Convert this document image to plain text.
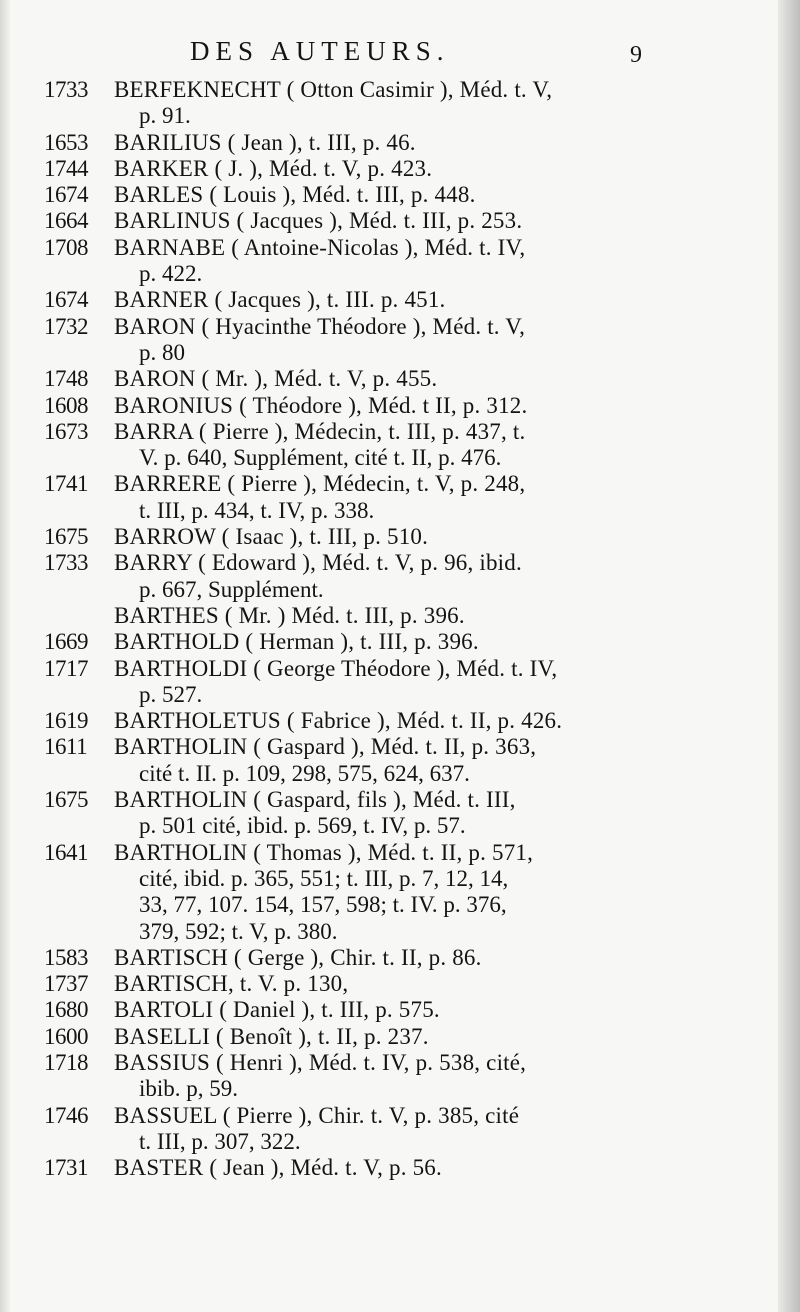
DES AUTEURS.	9
1733 BERFEKNECHT ( Otton Casimir ), Méd. t. V,
p. 91.
1653 BARILIUS ( Jean ), t. III, p. 46.
1744 BARKER ( J. ), Méd. t. V, p. 423.
1674 BARLES ( Louis ), Méd. t. III, p. 448.
1664 BARLINUS ( Jacques ), Méd. t. III, p. 253.
1708 BARNABE ( Antoine-Nicolas ), Méd. t. IV,
p. 422.
1674 BARNER ( Jacques ), t. III. p. 451.
1732 BARON ( Hyacinthe Théodore ), Méd. t. V,
p. 80
1748 BARON ( Mr. ), Méd. t. V, p. 455.
1608 BARONIUS ( Théodore ), Méd. t II, p. 312.
1673 BARRA ( Pierre ), Médecin, t. III, p. 437, t.
V. p. 640, Supplément, cité t. II, p. 476.
1741 BARRERE ( Pierre ), Médecin, t. V, p. 248,
t. III, p. 434, t. IV, p. 338.
1675 BARROW ( Isaac ), t. III, p. 510.
1733 BARRY ( Edoward ), Méd. t. V, p. 96, ibid.
p. 667, Supplément.
BARTHES ( Mr. ) Méd. t. III, p. 396.
1669 BARTHOLD ( Herman ), t. III, p. 396.
1717 BARTHOLDI ( George Théodore ), Méd. t. IV,
p. 527.
1619 BARTHOLETUS ( Fabrice ), Méd. t. II, p. 426.
1611 BARTHOLIN ( Gaspard ), Méd. t. II, p. 363,
cité t. II. p. 109, 298, 575, 624, 637.
1675 BARTHOLIN ( Gaspard, fils ), Méd. t. III,
p. 501 cité, ibid. p. 569, t. IV, p. 57.
1641 BARTHOLIN ( Thomas ), Méd. t. II, p. 571,
cité, ibid. p. 365, 551; t. III, p. 7, 12, 14,
33, 77, 107. 154, 157, 598; t. IV. p. 376,
379, 592; t. V, p. 380.
1583 BARTISCH ( Gerge ), Chir. t. II, p. 86.
1737 BARTISCH, t. V. p. 130,
1680 BARTOLI ( Daniel ), t. III, p. 575.
1600 BASELLI ( Benoît ), t. II, p. 237.
1718 BASSIUS ( Henri ), Méd. t. IV, p. 538, cité,
ibib. p, 59.
1746 BASSUEL ( Pierre ), Chir. t. V, p. 385, cité
t. III, p. 307, 322.
1731 BASTER ( Jean ), Méd. t. V, p. 56.
